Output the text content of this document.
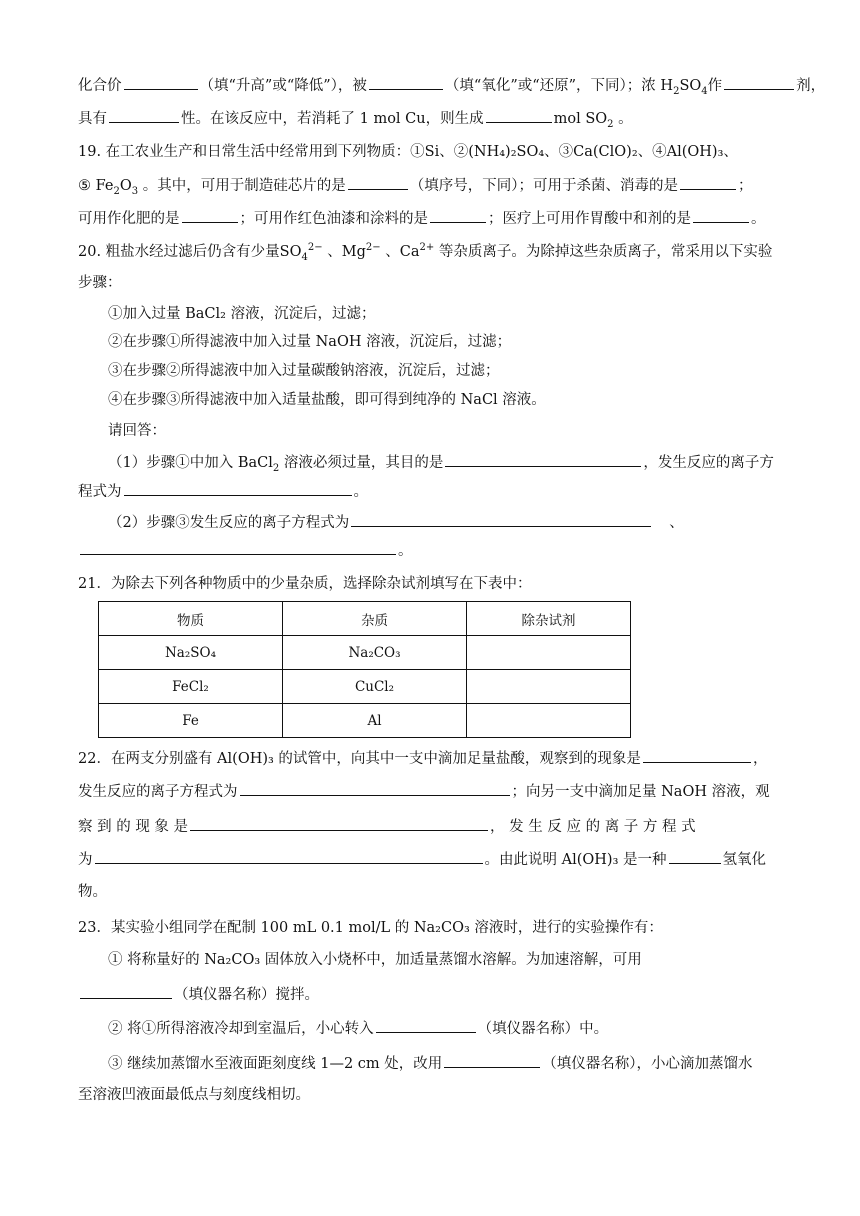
化合价	（填“升高”或“降低”），被	（填“氧化”或“还原”，下同）；浓 $H_2SO_4$作	剂，
具有	性。在该反应中，若消耗了 1 mol Cu，则生成	mol $SO_2$ 。
19. 在工农业生产和日常生活中经常用到下列物质：①Si、②(NH₄)₂SO₄、③Ca(ClO)₂、④Al(OH)₃、
⑤ $Fe_2O_3$ 。其中，可用于制造硅芯片的是	（填序号，下同）；可用于杀菌、消毒的是	；
可用作化肥的是	；可用作红色油漆和涂料的是	；医疗上可用作胃酸中和剂的是	。
20. 粗盐水经过滤后仍含有少量$SO_4^{2-}$ 、$Mg^{2-}$ 、$Ca^{2+}$ 等杂质离子。为除掉这些杂质离子，常采用以下实验
步骤：
①加入过量 BaCl₂ 溶液，沉淀后，过滤；
②在步骤①所得滤液中加入过量 NaOH 溶液，沉淀后，过滤；
③在步骤②所得滤液中加入过量碳酸钠溶液，沉淀后，过滤；
④在步骤③所得滤液中加入适量盐酸，即可得到纯净的 NaCl 溶液。
请回答：
（1）步骤①中加入 BaCl$_2$ 溶液必须过量，其目的是	，发生反应的离子方
程式为	。
（2）步骤③发生反应的离子方程式为	、
。
21．为除去下列各种物质中的少量杂质，选择除杂试剂填写在下表中：
物质	杂质	除杂试剂
Na₂SO₄	Na₂CO₃	
FeCl₂	CuCl₂	
Fe	Al	
22．在两支分别盛有 Al(OH)₃ 的试管中，向其中一支中滴加足量盐酸，观察到的现象是	，
发生反应的离子方程式为	；向另一支中滴加足量 NaOH 溶液，观
察 到 的 现 象 是	， 发 生 反 应 的 离 子 方 程 式
为	。由此说明 Al(OH)₃ 是一种	氢氧化
物。
23．某实验小组同学在配制 100 mL 0.1 mol/L 的 Na₂CO₃ 溶液时，进行的实验操作有：
① 将称量好的 Na₂CO₃ 固体放入小烧杯中，加适量蒸馏水溶解。为加速溶解，可用
（填仪器名称）搅拌。
② 将①所得溶液冷却到室温后，小心转入	（填仪器名称）中。
③ 继续加蒸馏水至液面距刻度线 1—2 cm 处，改用	（填仪器名称），小心滴加蒸馏水
至溶液凹液面最低点与刻度线相切。
